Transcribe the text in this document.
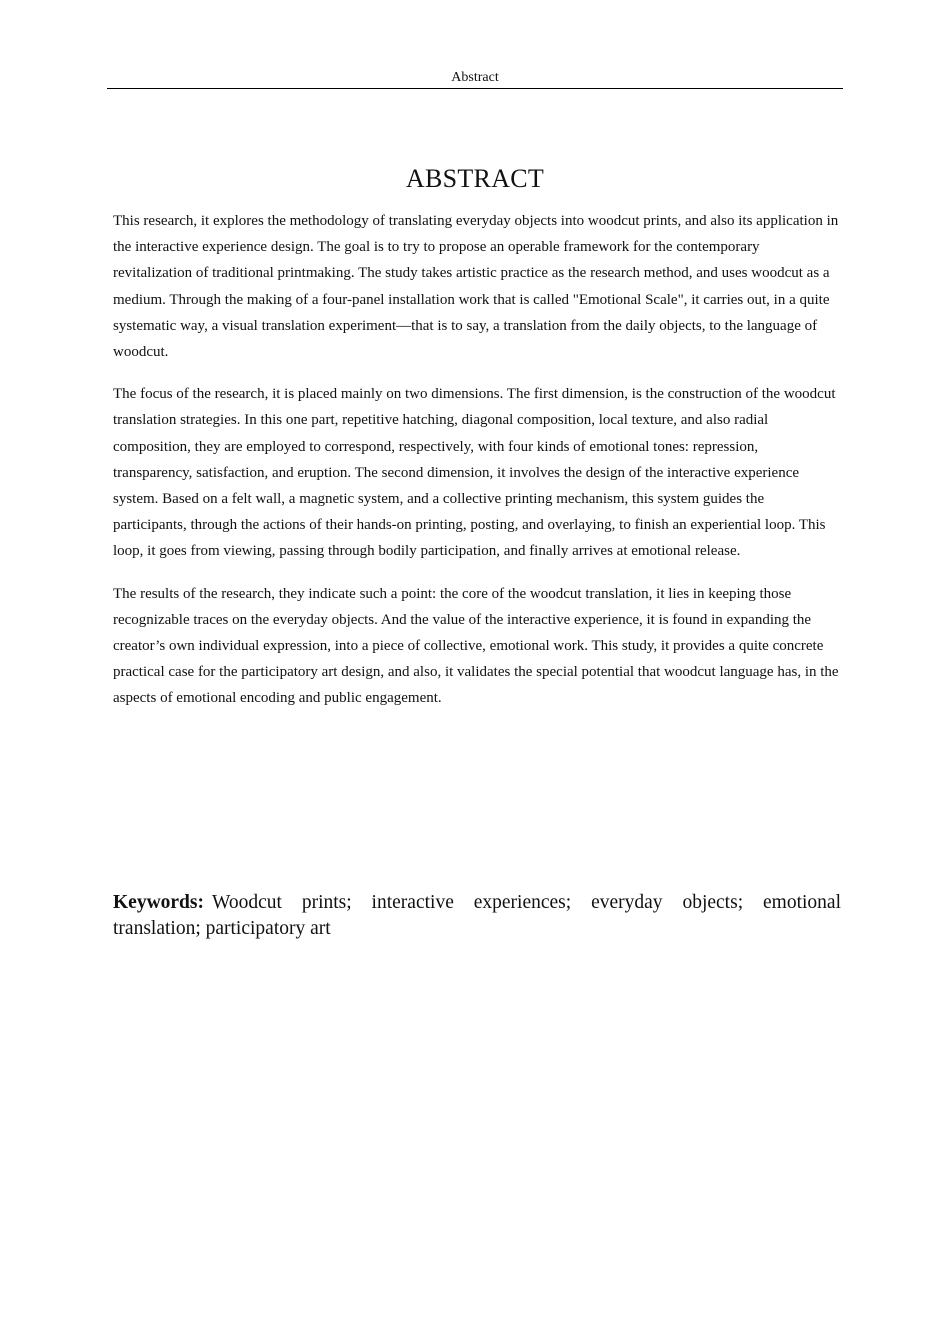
Abstract
ABSTRACT

This research, it explores the methodology of translating everyday objects into woodcut prints, and also its application in the interactive experience design. The goal is to try to propose an operable framework for the contemporary revitalization of traditional printmaking. The study takes artistic practice as the research method, and uses woodcut as a medium. Through the making of a four-panel installation work that is called "Emotional Scale", it carries out, in a quite systematic way, a visual translation experiment—that is to say, a translation from the daily objects, to the language of woodcut.

The focus of the research, it is placed mainly on two dimensions. The first dimension, is the construction of the woodcut translation strategies. In this one part, repetitive hatching, diagonal composition, local texture, and also radial composition, they are employed to correspond, respectively, with four kinds of emotional tones: repression, transparency, satisfaction, and eruption. The second dimension, it involves the design of the interactive experience system. Based on a felt wall, a magnetic system, and a collective printing mechanism, this system guides the participants, through the actions of their hands-on printing, posting, and overlaying, to finish an experiential loop. This loop, it goes from viewing, passing through bodily participation, and finally arrives at emotional release.

The results of the research, they indicate such a point: the core of the woodcut translation, it lies in keeping those recognizable traces on the everyday objects. And the value of the interactive experience, it is found in expanding the creator’s own individual expression, into a piece of collective, emotional work. This study, it provides a quite concrete practical case for the participatory art design, and also, it validates the special potential that woodcut language has, in the aspects of emotional encoding and public engagement.

Keywords: Woodcut prints; interactive experiences; everyday objects; emotional translation; participatory art
